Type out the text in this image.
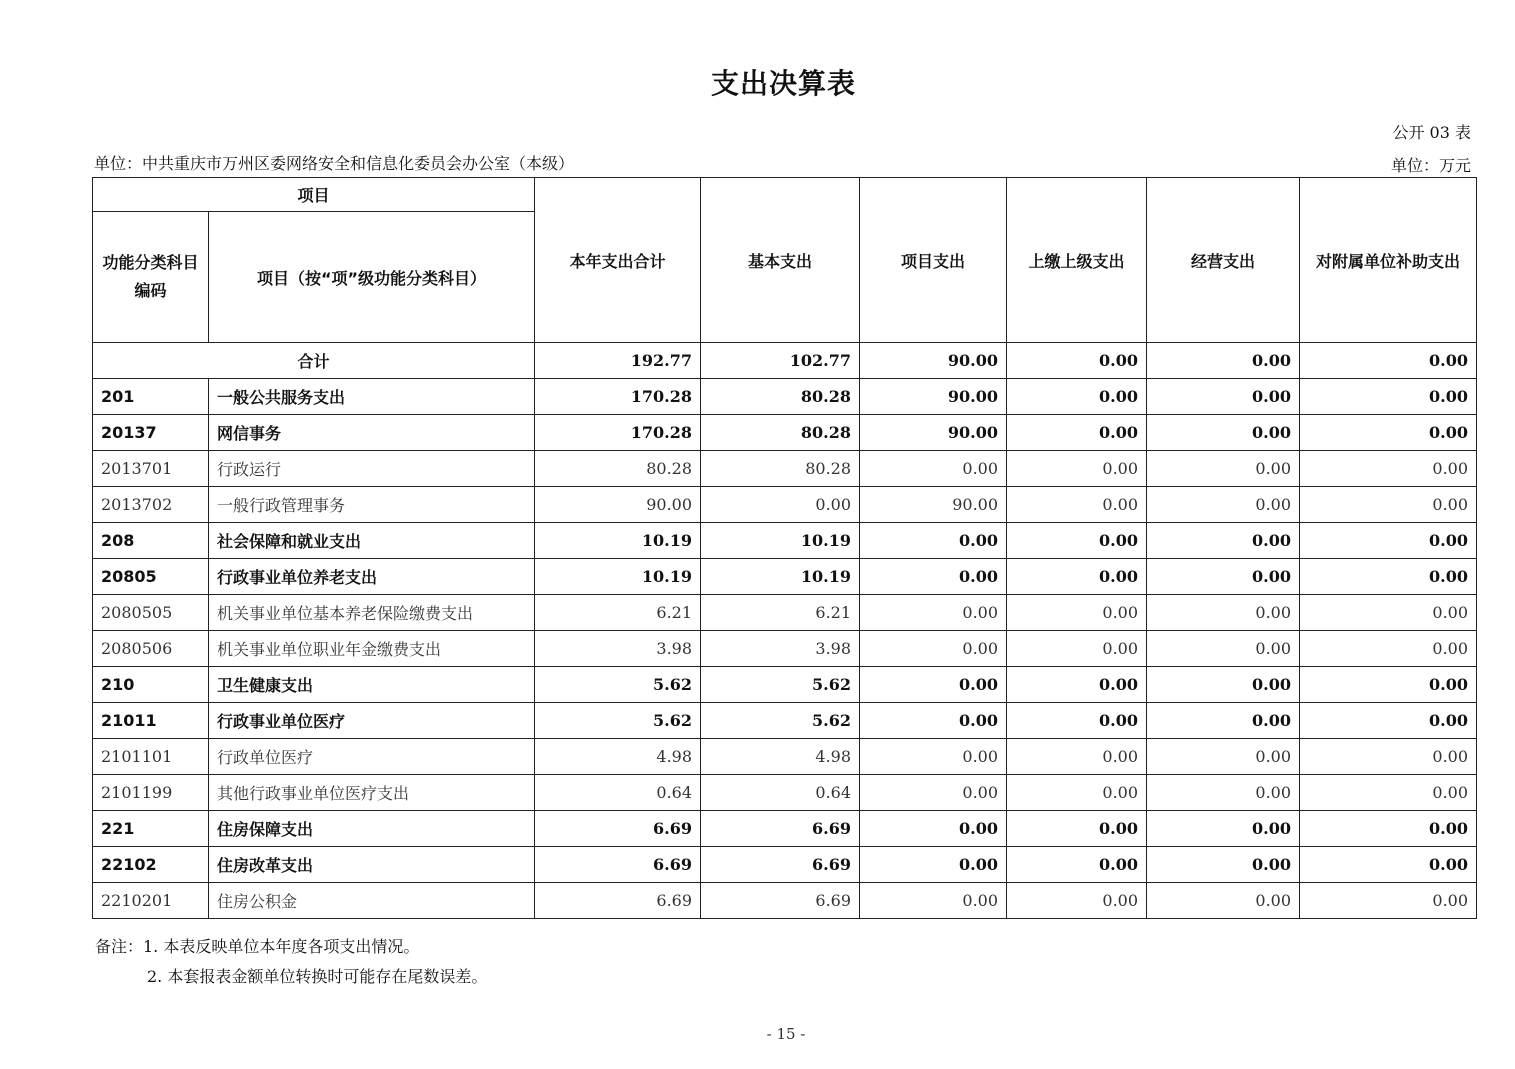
支出决算表
公开 03 表
单位：中共重庆市万州区委网络安全和信息化委员会办公室（本级）	单位：万元
项目		本年支出合计	基本支出	项目支出	上缴上级支出	经营支出	对附属单位补助支出
功能分类科目编码	项目（按“项”级功能分类科目）						
合计		192.77	102.77	90.00	0.00	0.00	0.00
201	一般公共服务支出	170.28	80.28	90.00	0.00	0.00	0.00
20137	网信事务	170.28	80.28	90.00	0.00	0.00	0.00
2013701	行政运行	80.28	80.28	0.00	0.00	0.00	0.00
2013702	一般行政管理事务	90.00	0.00	90.00	0.00	0.00	0.00
208	社会保障和就业支出	10.19	10.19	0.00	0.00	0.00	0.00
20805	行政事业单位养老支出	10.19	10.19	0.00	0.00	0.00	0.00
2080505	机关事业单位基本养老保险缴费支出	6.21	6.21	0.00	0.00	0.00	0.00
2080506	机关事业单位职业年金缴费支出	3.98	3.98	0.00	0.00	0.00	0.00
210	卫生健康支出	5.62	5.62	0.00	0.00	0.00	0.00
21011	行政事业单位医疗	5.62	5.62	0.00	0.00	0.00	0.00
2101101	行政单位医疗	4.98	4.98	0.00	0.00	0.00	0.00
2101199	其他行政事业单位医疗支出	0.64	0.64	0.00	0.00	0.00	0.00
221	住房保障支出	6.69	6.69	0.00	0.00	0.00	0.00
22102	住房改革支出	6.69	6.69	0.00	0.00	0.00	0.00
2210201	住房公积金	6.69	6.69	0.00	0.00	0.00	0.00
备注：1. 本表反映单位本年度各项支出情况。
2. 本套报表金额单位转换时可能存在尾数误差。
- 15 -
